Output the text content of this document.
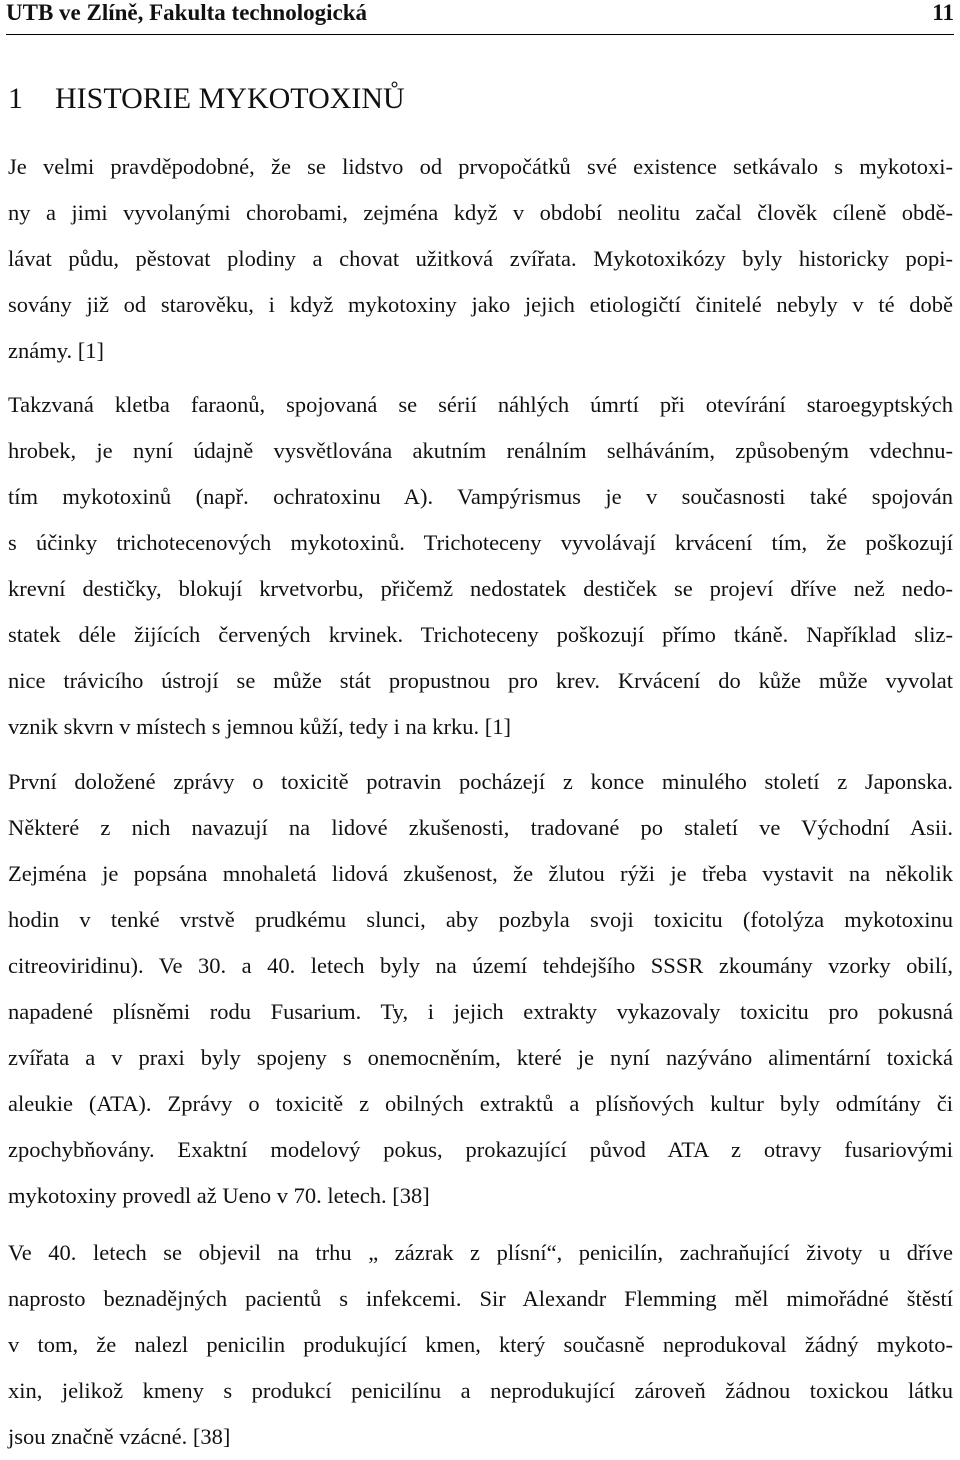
UTB ve Zlíně, Fakulta technologická	11
1 HISTORIE MYKOTOXINŮ
Je velmi pravděpodobné, že se lidstvo od prvopočátků své existence setkávalo s mykotoxi-
ny a jimi vyvolanými chorobami, zejména když v období neolitu začal člověk cíleně obdě-
lávat půdu, pěstovat plodiny a chovat užitková zvířata. Mykotoxikózy byly historicky popi-
sovány již od starověku, i když mykotoxiny jako jejich etiologičtí činitelé nebyly v té době
známy. [1]
Takzvaná kletba faraonů, spojovaná se sérií náhlých úmrtí při otevírání staroegyptských
hrobek, je nyní údajně vysvětlována akutním renálním selháváním, způsobeným vdechnu-
tím mykotoxinů (např. ochratoxinu A). Vampýrismus je v současnosti také spojován
s účinky trichotecenových mykotoxinů. Trichoteceny vyvolávají krvácení tím, že poškozují
krevní destičky, blokují krvetvorbu, přičemž nedostatek destiček se projeví dříve než nedo-
statek déle žijících červených krvinek. Trichoteceny poškozují přímo tkáně. Například sliz-
nice trávicího ústrojí se může stát propustnou pro krev. Krvácení do kůže může vyvolat
vznik skvrn v místech s jemnou kůží, tedy i na krku. [1]
První doložené zprávy o toxicitě potravin pocházejí z konce minulého století z Japonska.
Některé z nich navazují na lidové zkušenosti, tradované po staletí ve Východní Asii.
Zejména je popsána mnohaletá lidová zkušenost, že žlutou rýži je třeba vystavit na několik
hodin v tenké vrstvě prudkému slunci, aby pozbyla svoji toxicitu (fotolýza mykotoxinu
citreoviridinu). Ve 30. a 40. letech byly na území tehdejšího SSSR zkoumány vzorky obilí,
napadené plísněmi rodu Fusarium. Ty, i jejich extrakty vykazovaly toxicitu pro pokusná
zvířata a v praxi byly spojeny s onemocněním, které je nyní nazýváno alimentární toxická
aleukie (ATA). Zprávy o toxicitě z obilných extraktů a plísňových kultur byly odmítány či
zpochybňovány. Exaktní modelový pokus, prokazující původ ATA z otravy fusariovými
mykotoxiny provedl až Ueno v 70. letech. [38]
Ve 40. letech se objevil na trhu „ zázrak z plísní“, penicilín, zachraňující životy u dříve
naprosto beznadějných pacientů s infekcemi. Sir Alexandr Flemming měl mimořádné štěstí
v tom, že nalezl penicilin produkující kmen, který současně neprodukoval žádný mykoto-
xin, jelikož kmeny s produkcí penicilínu a neprodukující zároveň žádnou toxickou látku
jsou značně vzácné. [38]
